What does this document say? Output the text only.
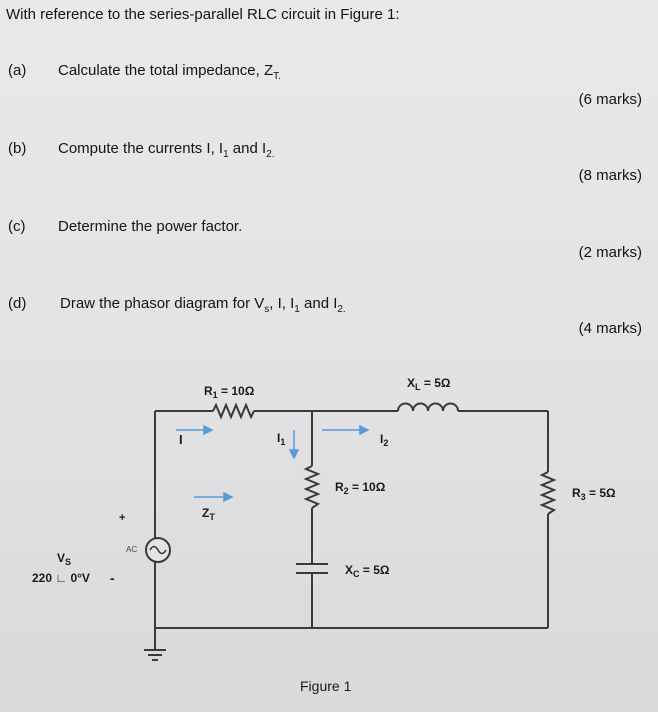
With reference to the series-parallel RLC circuit in Figure 1:
(a) Calculate the total impedance, $Z_{T.}$
(6 marks)
(b) Compute the currents I, $I_1$ and $I_{2.}$
(8 marks)
(c) Determine the power factor.
(2 marks)
(d) Draw the phasor diagram for $V_s$, I, $I_1$ and $I_{2.}$
(4 marks)
$R_1 = 10\Omega$
$X_L = 5\Omega$
$R_2 = 10\Omega$
$X_C = 5\Omega$
$R_3 = 5\Omega$
I	$I_1$	$I_2$
$Z_T$
+
-
AC
$V_S$
220 ∟ 0°V
Figure 1
